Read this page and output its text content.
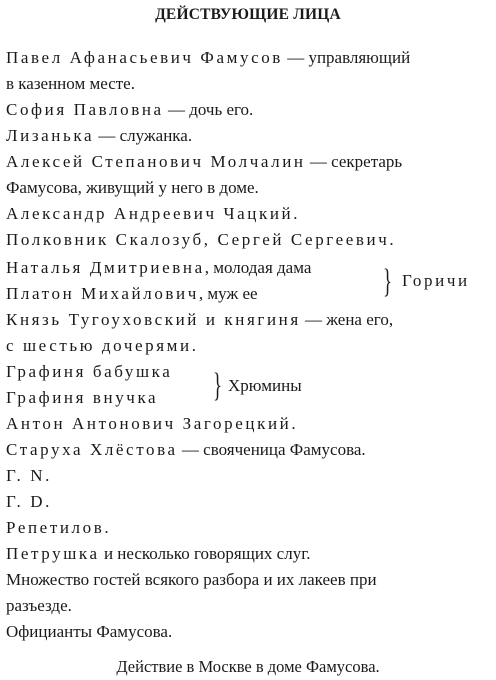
ДЕЙСТВУЮЩИЕ ЛИЦА
Павел Афанасьевич Фамусов — управляющий
в казенном месте.
София Павловна — дочь его.
Лизанька — служанка.
Алексей Степанович Молчалин — секретарь
Фамусова, живущий у него в доме.
Александр Андреевич Чацкий.
Полковник Скалозуб, Сергей Сергеевич.
Наталья Дмитриевна, молодая дама
Платон Михайлович, муж ее	} Горичи
Князь Тугоуховский и княгиня — жена его,
с шестью дочерями.
Графиня бабушка
Графиня внучка } Хрюмины
Антон Антонович Загорецкий.
Старуха Хлёстова — свояченица Фамусова.
Г. N.
Г. D.
Репетилов.
Петрушка и несколько говорящих слуг.
Множество гостей всякого разбора и их лакеев при
разъезде.
Официанты Фамусова.
Действие в Москве в доме Фамусова.
